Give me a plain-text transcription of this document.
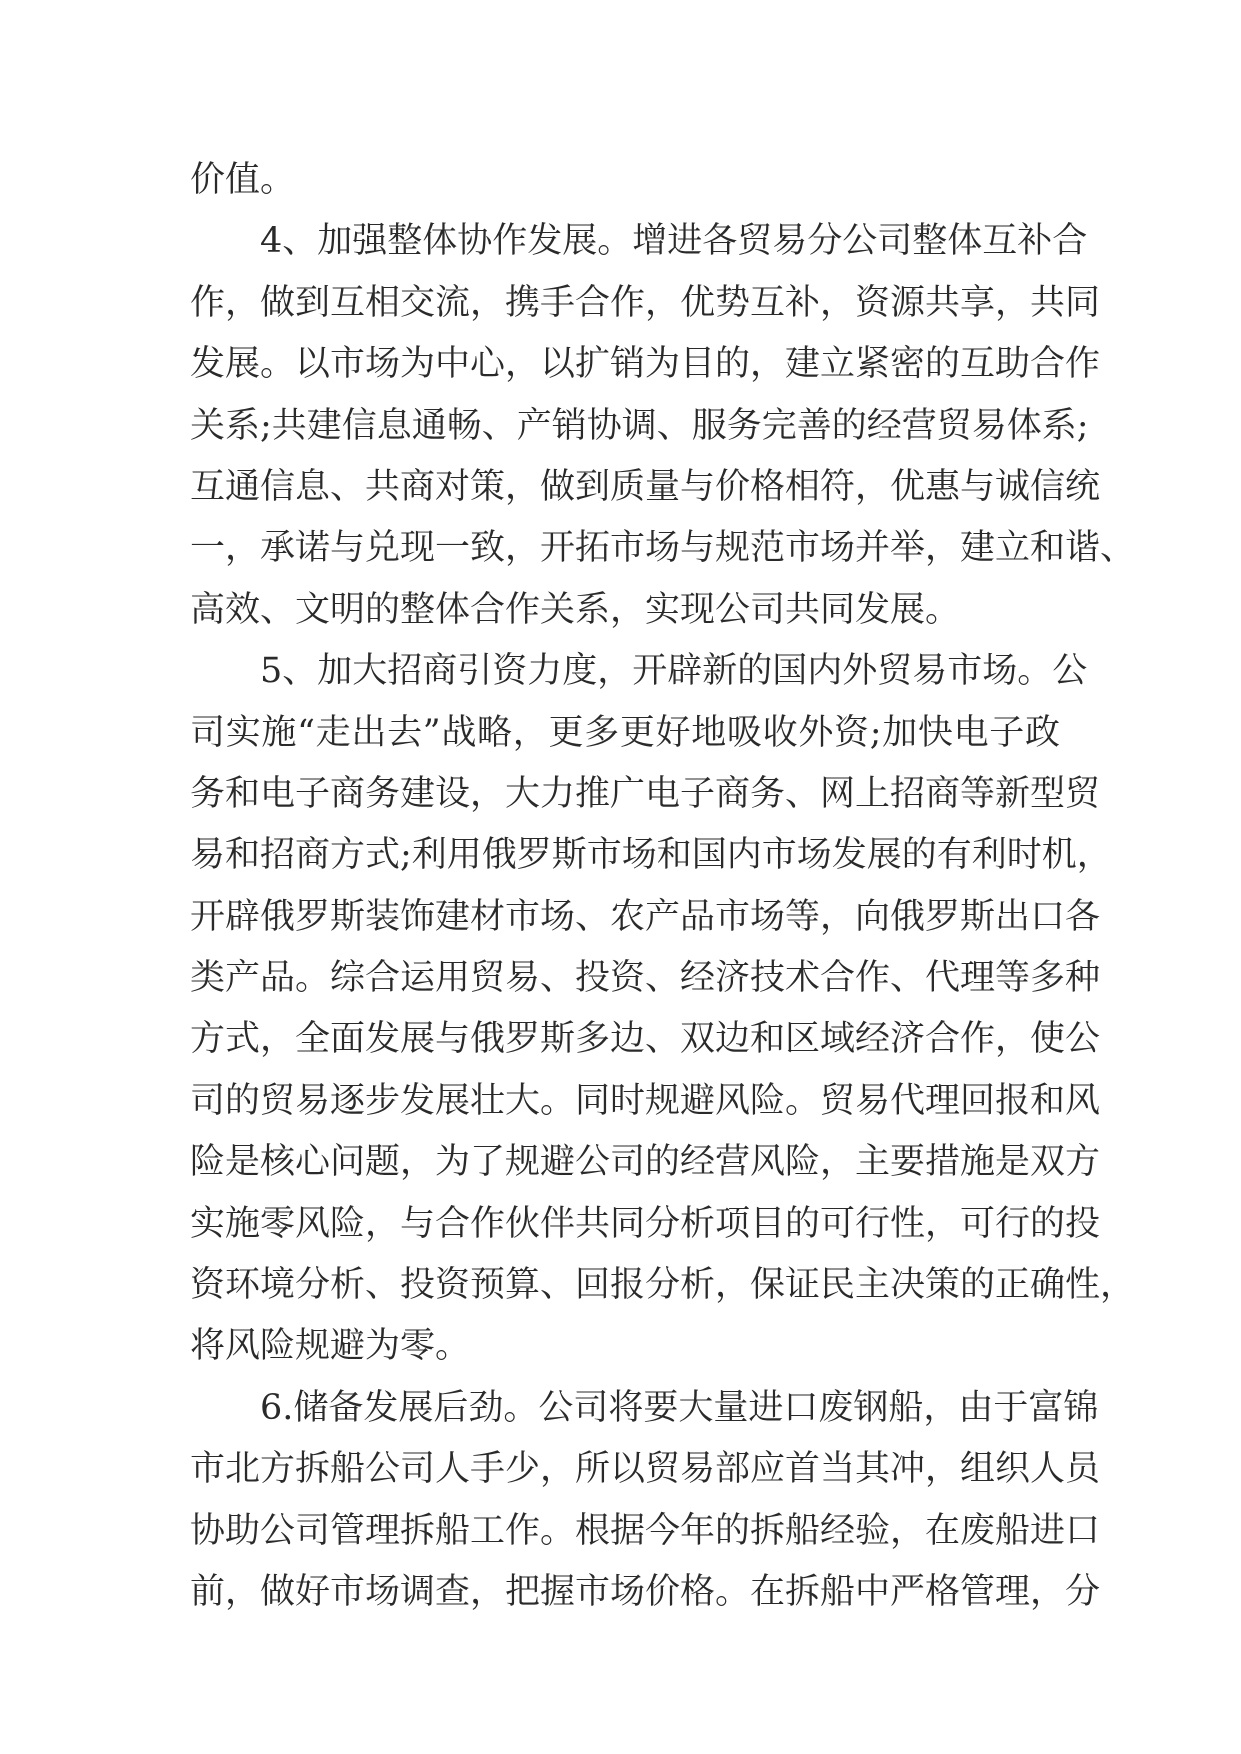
价值。
4、加强整体协作发展。增进各贸易分公司整体互补合
作，做到互相交流，携手合作，优势互补，资源共享，共同
发展。以市场为中心，以扩销为目的，建立紧密的互助合作
关系;共建信息通畅、产销协调、服务完善的经营贸易体系;
互通信息、共商对策，做到质量与价格相符，优惠与诚信统
一，承诺与兑现一致，开拓市场与规范市场并举，建立和谐、
高效、文明的整体合作关系，实现公司共同发展。
5、加大招商引资力度，开辟新的国内外贸易市场。公
司实施“走出去”战略，更多更好地吸收外资;加快电子政
务和电子商务建设，大力推广电子商务、网上招商等新型贸
易和招商方式;利用俄罗斯市场和国内市场发展的有利时机，
开辟俄罗斯装饰建材市场、农产品市场等，向俄罗斯出口各
类产品。综合运用贸易、投资、经济技术合作、代理等多种
方式，全面发展与俄罗斯多边、双边和区域经济合作，使公
司的贸易逐步发展壮大。同时规避风险。贸易代理回报和风
险是核心问题，为了规避公司的经营风险，主要措施是双方
实施零风险，与合作伙伴共同分析项目的可行性，可行的投
资环境分析、投资预算、回报分析，保证民主决策的正确性，
将风险规避为零。
6.储备发展后劲。公司将要大量进口废钢船，由于富锦
市北方拆船公司人手少，所以贸易部应首当其冲，组织人员
协助公司管理拆船工作。根据今年的拆船经验，在废船进口
前，做好市场调查，把握市场价格。在拆船中严格管理，分
